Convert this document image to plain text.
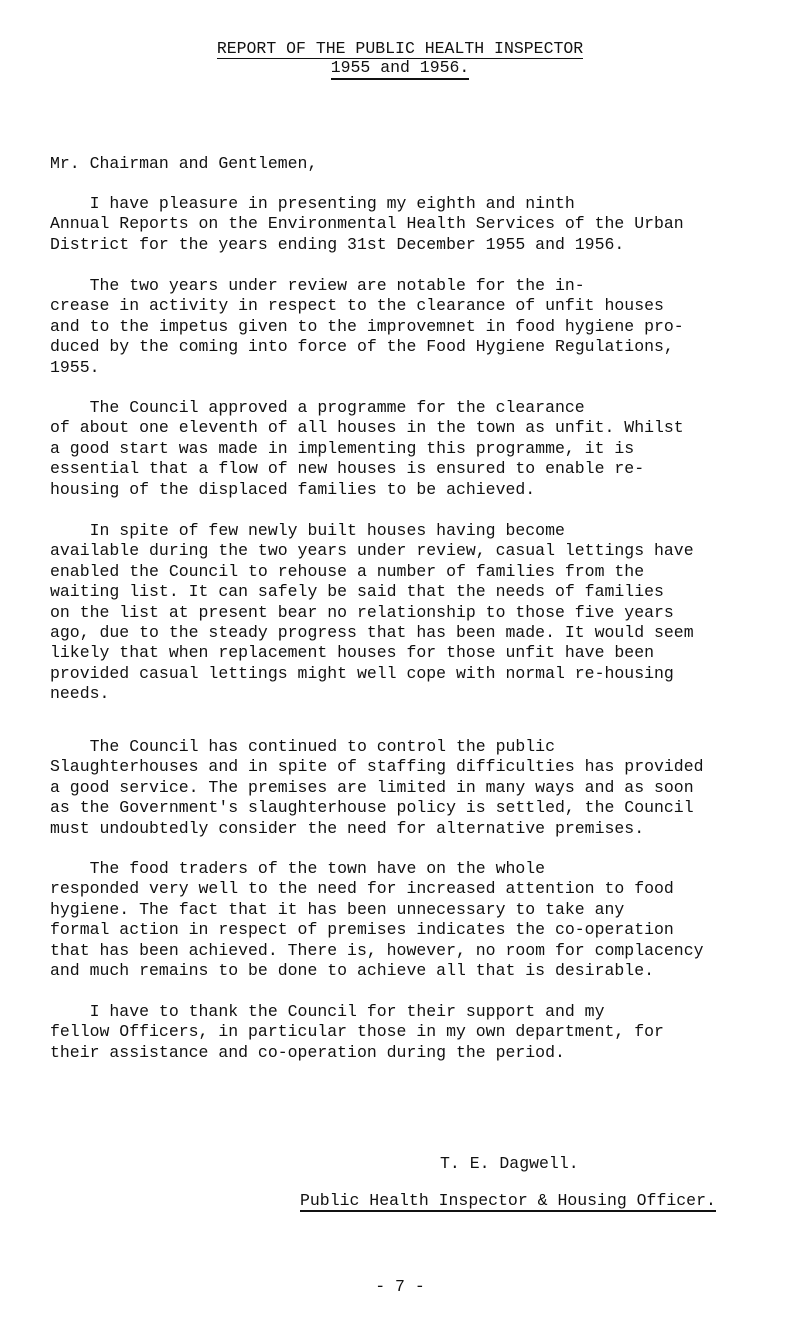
REPORT OF THE PUBLIC HEALTH INSPECTOR
1955 and 1956.
Mr. Chairman and Gentlemen,

I have pleasure in presenting my eighth and ninth
Annual Reports on the Environmental Health Services of the Urban
District for the years ending 31st December 1955 and 1956.

The two years under review are notable for the in-
crease in activity in respect to the clearance of unfit houses
and to the impetus given to the improvemnet in food hygiene pro-
duced by the coming into force of the Food Hygiene Regulations,
1955.

The Council approved a programme for the clearance
of about one eleventh of all houses in the town as unfit. Whilst
a good start was made in implementing this programme, it is
essential that a flow of new houses is ensured to enable re-
housing of the displaced families to be achieved.

In spite of few newly built houses having become
available during the two years under review, casual lettings have
enabled the Council to rehouse a number of families from the
waiting list. It can safely be said that the needs of families
on the list at present bear no relationship to those five years
ago, due to the steady progress that has been made. It would seem
likely that when replacement houses for those unfit have been
provided casual lettings might well cope with normal re-housing
needs.

The Council has continued to control the public
Slaughterhouses and in spite of staffing difficulties has provided
a good service. The premises are limited in many ways and as soon
as the Government's slaughterhouse policy is settled, the Council
must undoubtedly consider the need for alternative premises.

The food traders of the town have on the whole
responded very well to the need for increased attention to food
hygiene. The fact that it has been unnecessary to take any
formal action in respect of premises indicates the co-operation
that has been achieved. There is, however, no room for complacency
and much remains to be done to achieve all that is desirable.

I have to thank the Council for their support and my
fellow Officers, in particular those in my own department, for
their assistance and co-operation during the period.

T. E. Dagwell.
Public Health Inspector & Housing Officer.
- 7 -
